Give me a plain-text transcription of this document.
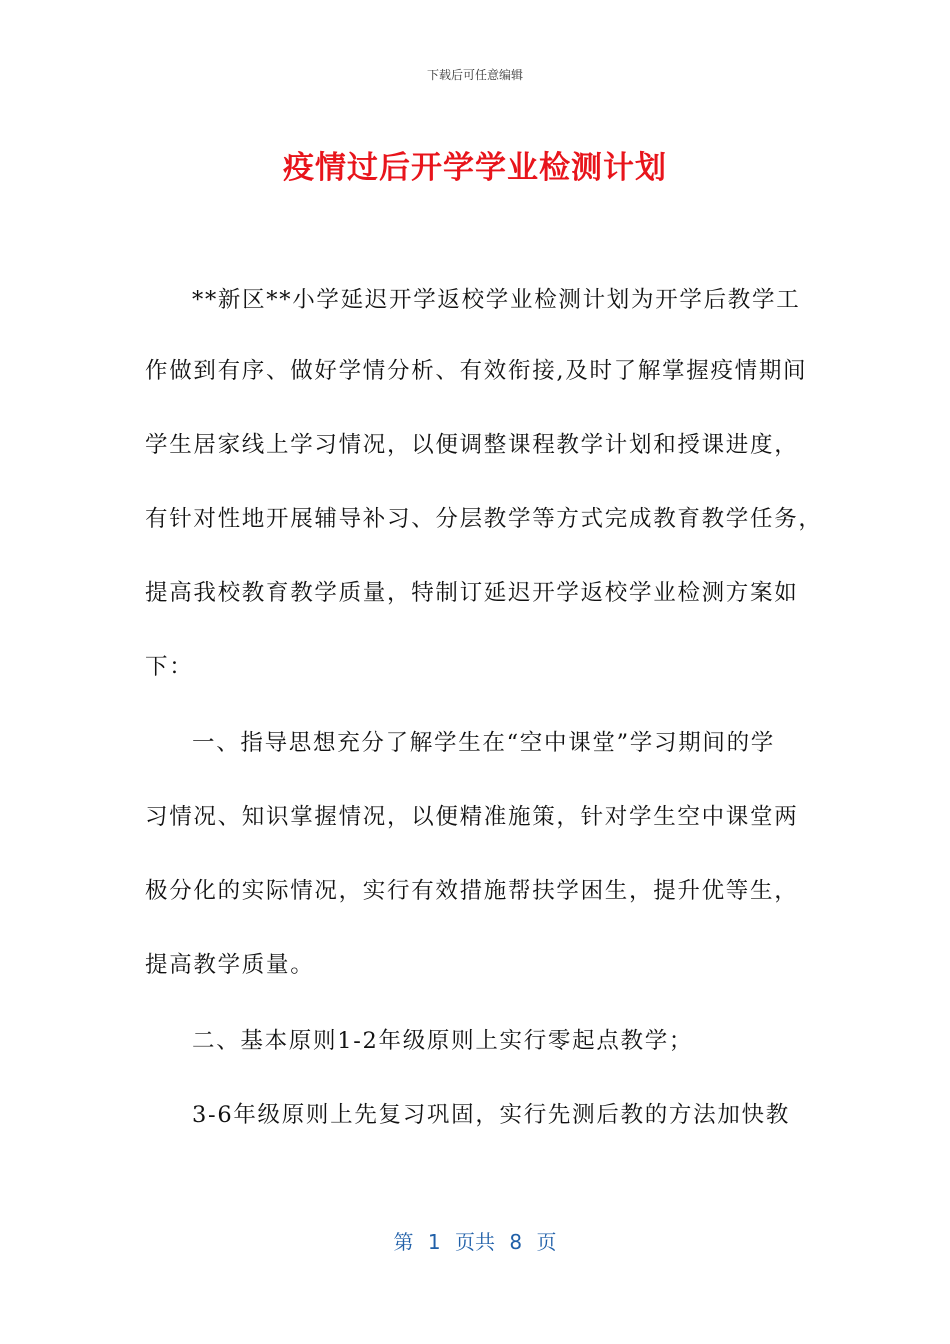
下载后可任意编辑
疫情过后开学学业检测计划
**新区**小学延迟开学返校学业检测计划为开学后教学工
作做到有序、做好学情分析、有效衔接,及时了解掌握疫情期间
学生居家线上学习情况，以便调整课程教学计划和授课进度，
有针对性地开展辅导补习、分层教学等方式完成教育教学任务，
提高我校教育教学质量，特制订延迟开学返校学业检测方案如
下：
一、指导思想充分了解学生在“空中课堂”学习期间的学
习情况、知识掌握情况，以便精准施策，针对学生空中课堂两
极分化的实际情况，实行有效措施帮扶学困生，提升优等生，
提高教学质量。
二、基本原则1-2年级原则上实行零起点教学；
3-6年级原则上先复习巩固，实行先测后教的方法加快教
第 1 页共 8 页
